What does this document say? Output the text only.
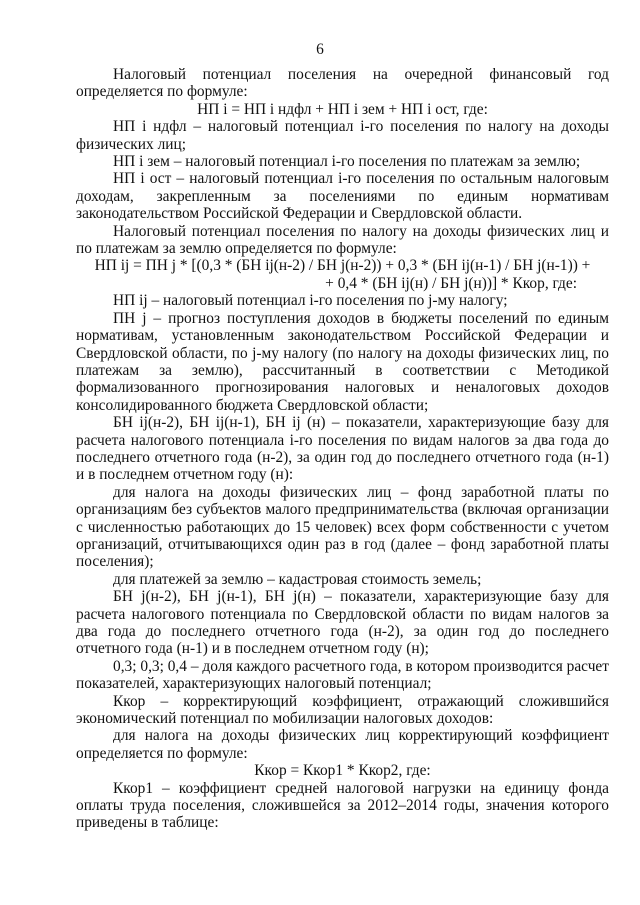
6

Налоговый потенциал поселения на очередной финансовый год определяется по формуле:

НП i = НП i ндфл + НП i зем + НП i ост, где:

НП i ндфл – налоговый потенциал i-го поселения по налогу на доходы физических лиц;

НП i зем – налоговый потенциал i-го поселения по платежам за землю;

НП i ост – налоговый потенциал i-го поселения по остальным налоговым доходам, закрепленным за поселениями по единым нормативам законодательством Российской Федерации и Свердловской области.

Налоговый потенциал поселения по налогу на доходы физических лиц и по платежам за землю определяется по формуле:

НП ij = ПН j * [(0,3 * (БН ij(н-2) / БН j(н-2)) + 0,3 * (БН ij(н-1) / БН j(н-1)) +

+ 0,4 * (БН ij(н) / БН j(н))] * Ккор, где:

НП ij – налоговый потенциал i-го поселения по j-му налогу;

ПН j – прогноз поступления доходов в бюджеты поселений по единым нормативам, установленным законодательством Российской Федерации и Свердловской области, по j-му налогу (по налогу на доходы физических лиц, по платежам за землю), рассчитанный в соответствии с Методикой формализованного прогнозирования налоговых и неналоговых доходов консолидированного бюджета Свердловской области;

БН ij(н-2), БН ij(н-1), БН ij (н) – показатели, характеризующие базу для расчета налогового потенциала i-го поселения по видам налогов за два года до последнего отчетного года (н-2), за один год до последнего отчетного года (н-1) и в последнем отчетном году (н):

для налога на доходы физических лиц – фонд заработной платы по организациям без субъектов малого предпринимательства (включая организации с численностью работающих до 15 человек) всех форм собственности с учетом организаций, отчитывающихся один раз в год (далее – фонд заработной платы поселения);

для платежей за землю – кадастровая стоимость земель;

БН j(н-2), БН j(н-1), БН j(н) – показатели, характеризующие базу для расчета налогового потенциала по Свердловской области по видам налогов за два года до последнего отчетного года (н-2), за один год до последнего отчетного года (н-1) и в последнем отчетном году (н);

0,3; 0,3; 0,4 – доля каждого расчетного года, в котором производится расчет показателей, характеризующих налоговый потенциал;

Ккор – корректирующий коэффициент, отражающий сложившийся экономический потенциал по мобилизации налоговых доходов:

для налога на доходы физических лиц корректирующий коэффициент определяется по формуле:

Ккор = Ккор1 * Ккор2, где:

Ккор1 – коэффициент средней налоговой нагрузки на единицу фонда оплаты труда поселения, сложившейся за 2012–2014 годы, значения которого приведены в таблице:
